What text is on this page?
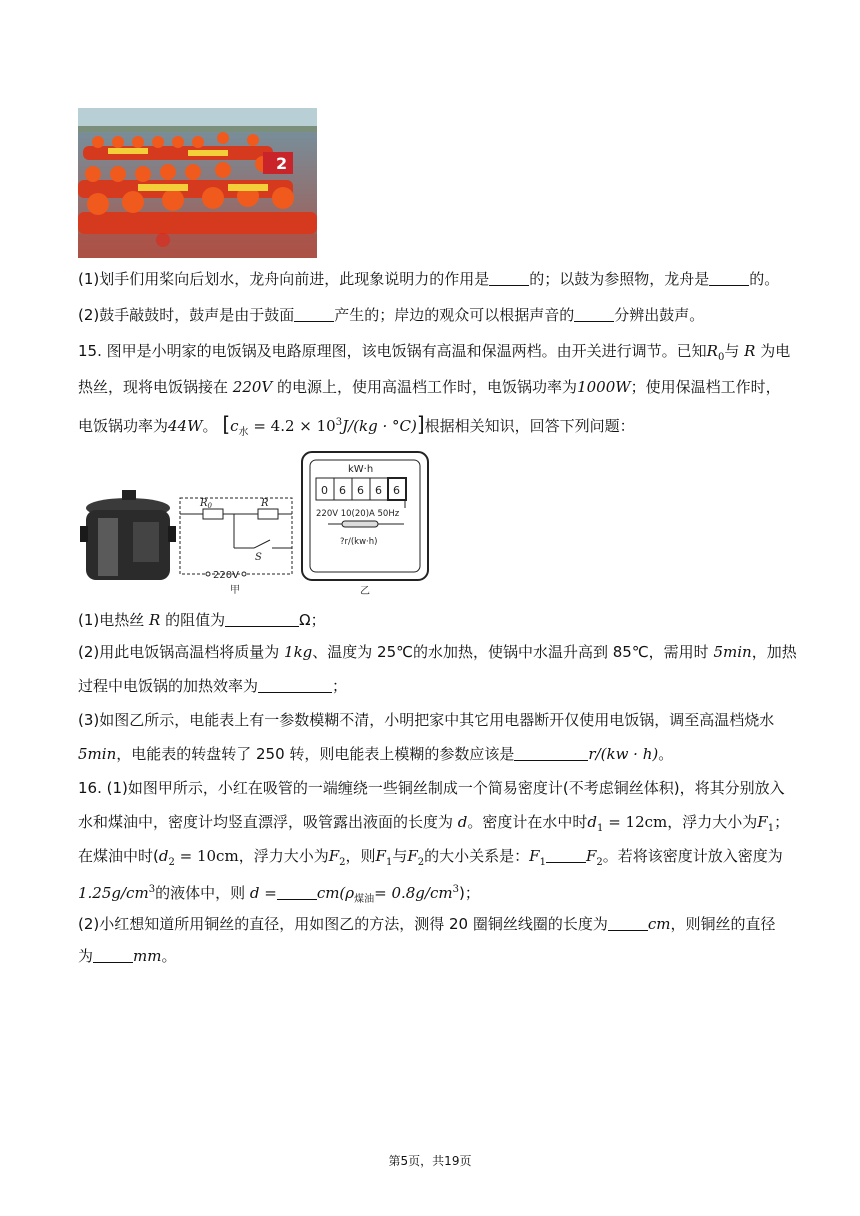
2
(1)划手们用桨向后划水，龙舟向前进，此现象说明力的作用是	的；以鼓为参照物，龙舟是	的。
(2)鼓手敲鼓时，鼓声是由于鼓面	产生的；岸边的观众可以根据声音的	分辨出鼓声。
15. 图甲是小明家的电饭锅及电路原理图，该电饭锅有高温和保温两档。由开关进行调节。已知$R_0$与 R 为电
热丝，现将电饭锅接在 220V 的电源上，使用高温档工作时，电饭锅功率为1000W；使用保温档工作时，
电饭锅功率为44W。 $[c_水 = 4.2 \times 10^3J/(kg \cdot ^\circ C)]$根据相关知识，回答下列问题：
$R_0$	R
S
220V
甲
kW·h
0 6 6 6 6
220V 10(20)A 50Hz
?r/(kw·h)
乙
(1)电热丝 R 的阻值为	Ω；
(2)用此电饭锅高温档将质量为 1kg、温度为 25℃的水加热，使锅中水温升高到 85℃，需用时 5min，加热
过程中电饭锅的加热效率为	；
(3)如图乙所示，电能表上有一参数模糊不清，小明把家中其它用电器断开仅使用电饭锅，调至高温档烧水
5min，电能表的转盘转了 250 转，则电能表上模糊的参数应该是	r/(kw · h)。
16. (1)如图甲所示，小红在吸管的一端缠绕一些铜丝制成一个简易密度计(不考虑铜丝体积)，将其分别放入
水和煤油中，密度计均竖直漂浮，吸管露出液面的长度为 d。密度计在水中时$d_1 = 12cm$，浮力大小为$F_1$；
在煤油中时($d_2 = 10cm$，浮力大小为$F_2$，则$F_1$与$F_2$的大小关系是：$F_1$	$F_2$。若将该密度计放入密度为
$1.25g/cm^3$的液体中，则 d =	$cm(\rho_{煤油}= 0.8g/cm^3)$；
(2)小红想知道所用铜丝的直径，用如图乙的方法，测得 20 圈铜丝线圈的长度为	cm，则铜丝的直径
为	mm。
第5页，共19页
